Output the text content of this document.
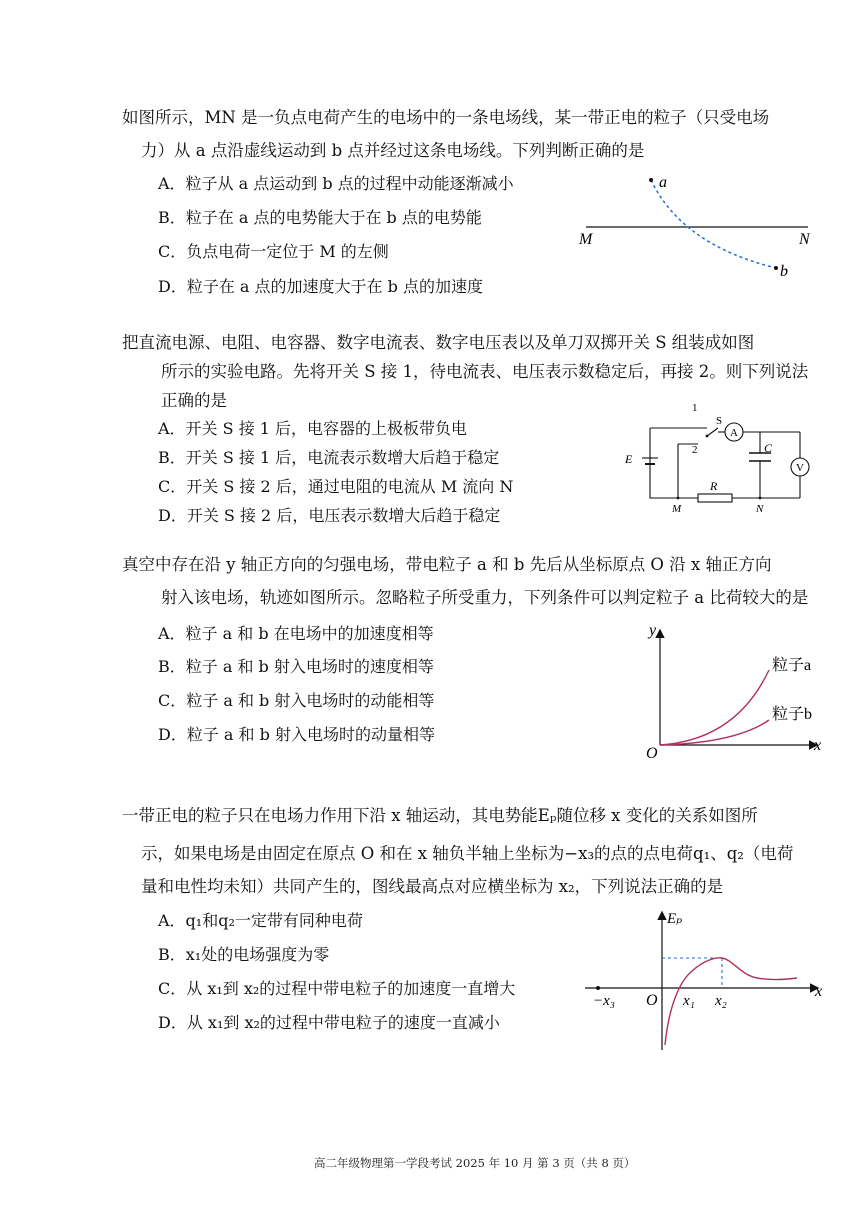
如图所示，MN 是一负点电荷产生的电场中的一条电场线，某一带正电的粒子（只受电场
力）从 a 点沿虚线运动到 b 点并经过这条电场线。下列判断正确的是
A．粒子从 a 点运动到 b 点的过程中动能逐渐减小
B．粒子在 a 点的电势能大于在 b 点的电势能
C．负点电荷一定位于 M 的左侧
D．粒子在 a 点的加速度大于在 b 点的加速度
a
b
M	N
把直流电源、电阻、电容器、数字电流表、数字电压表以及单刀双掷开关 S 组装成如图
所示的实验电路。先将开关 S 接 1，待电流表、电压表示数稳定后，再接 2。则下列说法
正确的是
A．开关 S 接 1 后，电容器的上极板带负电
B．开关 S 接 1 后，电流表示数增大后趋于稳定
C．开关 S 接 2 后，通过电阻的电流从 M 流向 N
D．开关 S 接 2 后，电压表示数增大后趋于稳定
1
S
A
2	C
V
E
R
M	N
真空中存在沿 y 轴正方向的匀强电场，带电粒子 a 和 b 先后从坐标原点 O 沿 x 轴正方向
射入该电场，轨迹如图所示。忽略粒子所受重力，下列条件可以判定粒子 a 比荷较大的是
A．粒子 a 和 b 在电场中的加速度相等
B．粒子 a 和 b 射入电场时的速度相等
C．粒子 a 和 b 射入电场时的动能相等
D．粒子 a 和 b 射入电场时的动量相等
y
x
O
粒子a
粒子b
一带正电的粒子只在电场力作用下沿 x 轴运动，其电势能Eₚ随位移 x 变化的关系如图所
示，如果电场是由固定在原点 O 和在 x 轴负半轴上坐标为−x₃的点的点电荷q₁、q₂（电荷
量和电性均未知）共同产生的，图线最高点对应横坐标为 x₂，下列说法正确的是
A．q₁和q₂一定带有同种电荷
B．x₁处的电场强度为零
C．从 x₁到 x₂的过程中带电粒子的加速度一直增大
D．从 x₁到 x₂的过程中带电粒子的速度一直减小
Eₚ
x
O
−x₃	x₁ x₂
高二年级物理第一学段考试 2025 年 10 月 第 3 页（共 8 页）
